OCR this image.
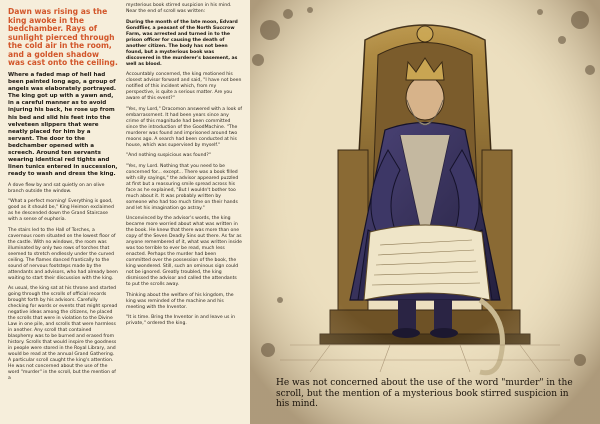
Dawn was rising as the king awoke in the bedchamber. Rays of sunlight pierced through the cold air in the room, and a golden shadow was cast onto the ceiling.

Where a faded map of hell had been painted long ago, a group of angels was elaborately portrayed. The king got up with a yawn and, in a careful manner as to avoid injuring his back, he rose up from his bed and slid his feet into the velveteen slippers that were neatly placed for him by a servant. The door to the bedchamber opened with a screech. Around ten servants wearing identical red tights and linen tunics entered in succession, ready to wash and dress the king.

A dove flew by and sat quietly on an olive branch outside the window.

"What a perfect morning! Everything is good, good as it should be," King Heimon exclaimed as he descended down the Grand Staircase with a sense of euphoria.

The stairs led to the Hall of Torches, a cavernous room situated on the lowest floor of the castle. With no windows, the room was illuminated by only two rows of torches that seemed to stretch endlessly under the curved ceiling. The flames danced frantically to the sound of nervous footsteps made by the attendants and advisors, who had already been waiting to start their discussion with the king.

As usual, the king sat at his throne and started going through the scrolls of official records brought forth by his advisors. Carefully checking for words or events that might spread negative ideas among the citizens, he placed the scrolls that were in violation to the Divine Law in one pile, and scrolls that were harmless in another. Any scroll that contained blasphemy was to be burned and erased from history. Scrolls that would inspire the goodness in people were stored in the Royal Library, and would be read at the annual Grand Gathering. A particular scroll caught the king's attention. He was not concerned about the use of the word "murder" in the scroll, but the mention of a

mysterious book stirred suspicion in his mind. Near the end of scroll was written:

During the month of the late moon, Edvard Gondflier, a peasant of the North Succrow Farm, was arrested and turned in to the prison officer for causing the death of another citizen. The body has not been found, but a mysterious book was discovered in the murderer's basement, as well as blood.

Accountably concerned, the king motioned his closest advisor forward and said, "I have not been notified of this incident which, from my perspective, is quite a serious matter. Are you aware of this event?"

"Yes, my Lord," Dracomon answered with a look of embarrassment. It had been years since any crime of this magnitude had been committed since the introduction of the GoodMachine. "The murderer was found and imprisoned around two moons ago. A search had been conducted at his house, which was supervised by myself."

"And nothing suspicious was found?"

"Yes, my Lord. Nothing that you need to be concerned for... except... There was a book filled with silly sayings," the advisor appeared puzzled at first but a reassuring smile spread across his face as he explained, "But I wouldn't bother too much about it. It was probably written by someone who had too much time on their hands and let his imagination go astray."

Unconvinced by the advisor's words, the king became more worried about what was written in the book. He knew that there was more than one copy of the Seven Deadly Sins out there. As far as anyone remembered of it, what was written inside was too terrible to ever be read, much less enacted. Perhaps the murder had been committed over the possession of the book, the king wondered. Still, such an ominous sign could not be ignored. Greatly troubled, the king dismissed the advisor and called the attendants to put the scrolls away.

Thinking about the welfare of his kingdom, the king was reminded of the machine and his meeting with the Inventor.

"It is time. Bring the Inventor in and leave us in private," ordered the king.

He was not concerned about the use of the word "murder" in the scroll, but the mention of a mysterious book stirred suspicion in his mind.
